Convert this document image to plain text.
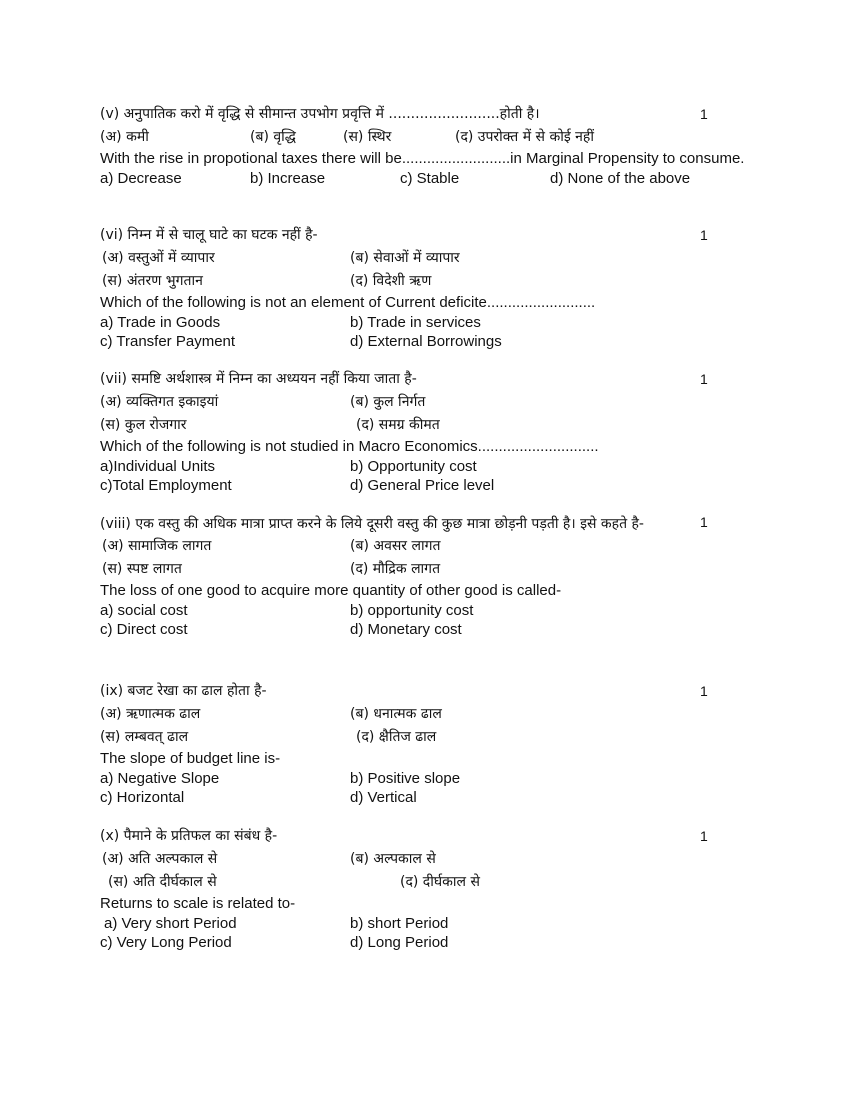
(v) अनुपातिक करो में वृद्धि से सीमान्त उपभोग प्रवृत्ति में .........................होती है।	1
(अ) कमी	(ब) वृद्धि	(स) स्थिर	(द) उपरोक्त में से कोई नहीं
With the rise in propotional taxes there will be..........................in Marginal Propensity to consume.
a) Decrease	b) Increase	c) Stable	d) None of the above
(vi) निम्न में से चालू घाटे का घटक नहीं है-	1
(अ) वस्तुओं में व्यापार	(ब) सेवाओं में व्यापार
(स) अंतरण भुगतान	(द) विदेशी ऋण
Which of the following is not an element of Current deficite..........................
a) Trade in Goods	b) Trade in services
c) Transfer Payment	d) External Borrowings
(vii) समष्टि अर्थशास्त्र में निम्न का अध्ययन नहीं किया जाता है-	1
(अ) व्यक्तिगत इकाइयां	(ब) कुल निर्गत
(स) कुल रोजगार	(द) समग्र कीमत
Which of the following is not studied in Macro Economics.............................
a)Individual Units	b) Opportunity cost
c)Total Employment	d) General Price level
(viii) एक वस्तु की अधिक मात्रा प्राप्त करने के लिये दूसरी वस्तु की कुछ मात्रा छोड़नी पड़ती है। इसे कहते है-	1
(अ) सामाजिक लागत	(ब) अवसर लागत
(स) स्पष्ट लागत	(द) मौद्रिक लागत
The loss of one good to acquire more quantity of other good is called-
a) social cost	b) opportunity cost
c) Direct cost	d) Monetary cost
(ix) बजट रेखा का ढाल होता है-	1
(अ) ऋणात्मक ढाल	(ब) धनात्मक ढाल
(स) लम्बवत् ढाल	(द) क्षैतिज ढाल
The slope of budget line is-
a) Negative Slope	b) Positive slope
c) Horizontal	d) Vertical
(x) पैमाने के प्रतिफल का संबंध है-	1
(अ) अति अल्पकाल से	(ब) अल्पकाल से
(स) अति दीर्घकाल से	(द) दीर्घकाल से
Returns to scale is related to-
a) Very short Period	b) short Period
c) Very Long Period	d) Long Period
